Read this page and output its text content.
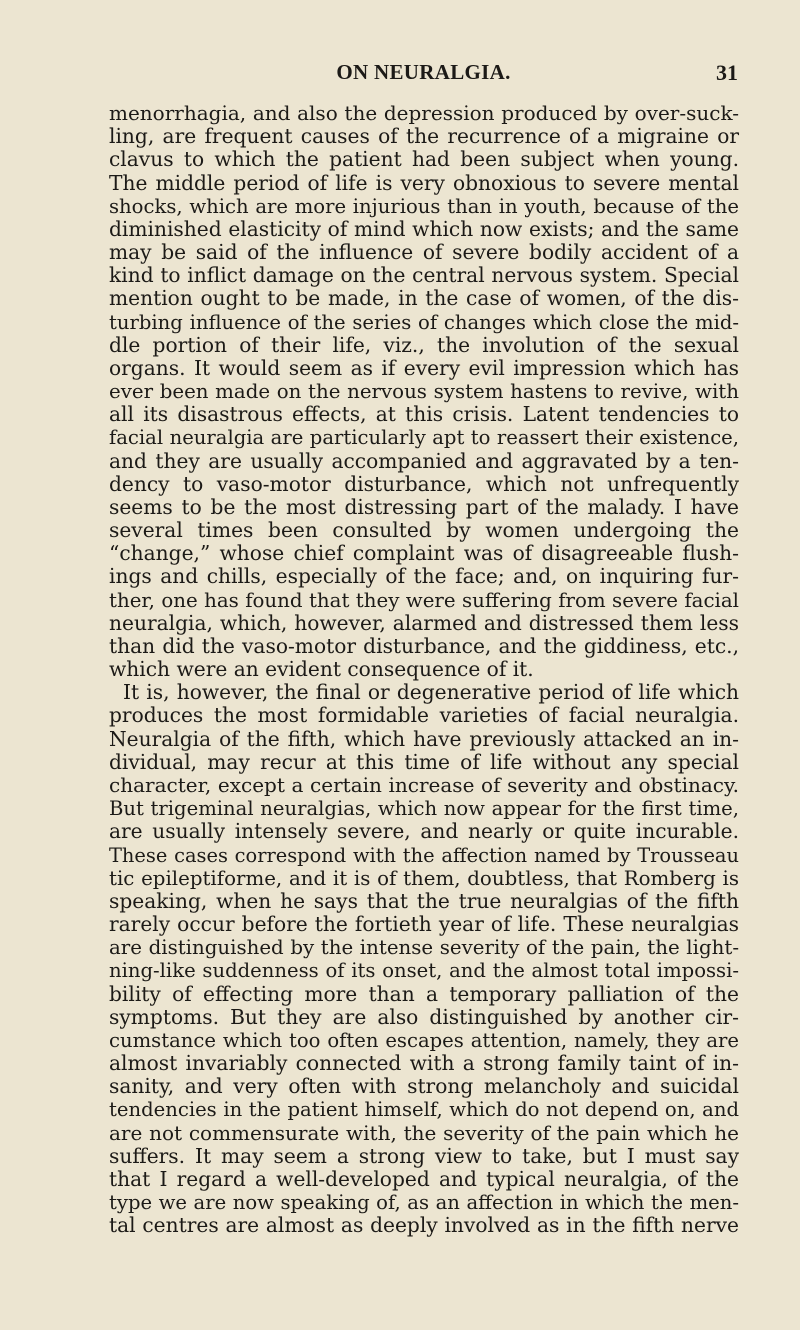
ON NEURALGIA.	31
menorrhagia, and also the depression produced by over-suck-
ling, are frequent causes of the recurrence of a migraine or
clavus to which the patient had been subject when young.
The middle period of life is very obnoxious to severe mental
shocks, which are more injurious than in youth, because of the
diminished elasticity of mind which now exists; and the same
may be said of the influence of severe bodily accident of a
kind to inflict damage on the central nervous system. Special
mention ought to be made, in the case of women, of the dis-
turbing influence of the series of changes which close the mid-
dle portion of their life, viz., the involution of the sexual
organs. It would seem as if every evil impression which has
ever been made on the nervous system hastens to revive, with
all its disastrous effects, at this crisis. Latent tendencies to
facial neuralgia are particularly apt to reassert their existence,
and they are usually accompanied and aggravated by a ten-
dency to vaso-motor disturbance, which not unfrequently
seems to be the most distressing part of the malady. I have
several times been consulted by women undergoing the
“change,” whose chief complaint was of disagreeable flush-
ings and chills, especially of the face; and, on inquiring fur-
ther, one has found that they were suffering from severe facial
neuralgia, which, however, alarmed and distressed them less
than did the vaso-motor disturbance, and the giddiness, etc.,
which were an evident consequence of it.
It is, however, the final or degenerative period of life which
produces the most formidable varieties of facial neuralgia.
Neuralgia of the fifth, which have previously attacked an in-
dividual, may recur at this time of life without any special
character, except a certain increase of severity and obstinacy.
But trigeminal neuralgias, which now appear for the first time,
are usually intensely severe, and nearly or quite incurable.
These cases correspond with the affection named by Trousseau
tic epileptiforme, and it is of them, doubtless, that Romberg is
speaking, when he says that the true neuralgias of the fifth
rarely occur before the fortieth year of life. These neuralgias
are distinguished by the intense severity of the pain, the light-
ning-like suddenness of its onset, and the almost total impossi-
bility of effecting more than a temporary palliation of the
symptoms. But they are also distinguished by another cir-
cumstance which too often escapes attention, namely, they are
almost invariably connected with a strong family taint of in-
sanity, and very often with strong melancholy and suicidal
tendencies in the patient himself, which do not depend on, and
are not commensurate with, the severity of the pain which he
suffers. It may seem a strong view to take, but I must say
that I regard a well-developed and typical neuralgia, of the
type we are now speaking of, as an affection in which the men-
tal centres are almost as deeply involved as in the fifth nerve
